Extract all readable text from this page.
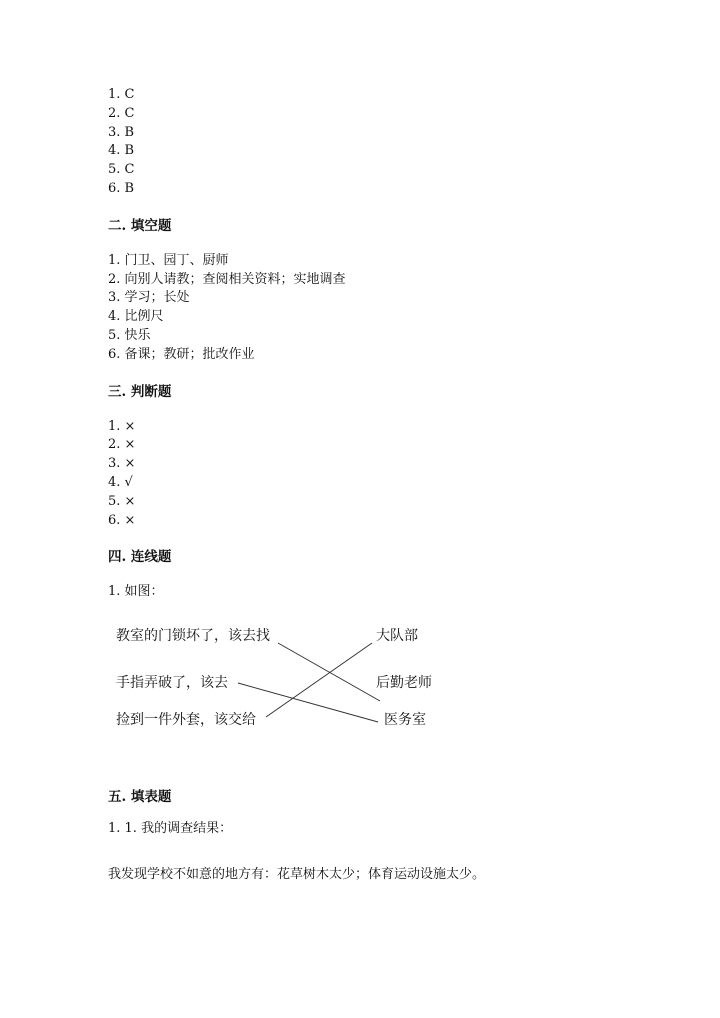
1. C
2. C
3. B
4. B
5. C
6. B
二. 填空题
1. 门卫、园丁、厨师
2. 向别人请教；查阅相关资料；实地调查
3. 学习；长处
4. 比例尺
5. 快乐
6. 备课；教研；批改作业
三. 判断题
1. ×
2. ×
3. ×
4. √
5. ×
6. ×
四. 连线题
1. 如图：
教室的门锁坏了，该去找
手指弄破了，该去
捡到一件外套，该交给
大队部
后勤老师
医务室
五. 填表题
1. 1. 我的调查结果：
我发现学校不如意的地方有：花草树木太少；体育运动设施太少。
